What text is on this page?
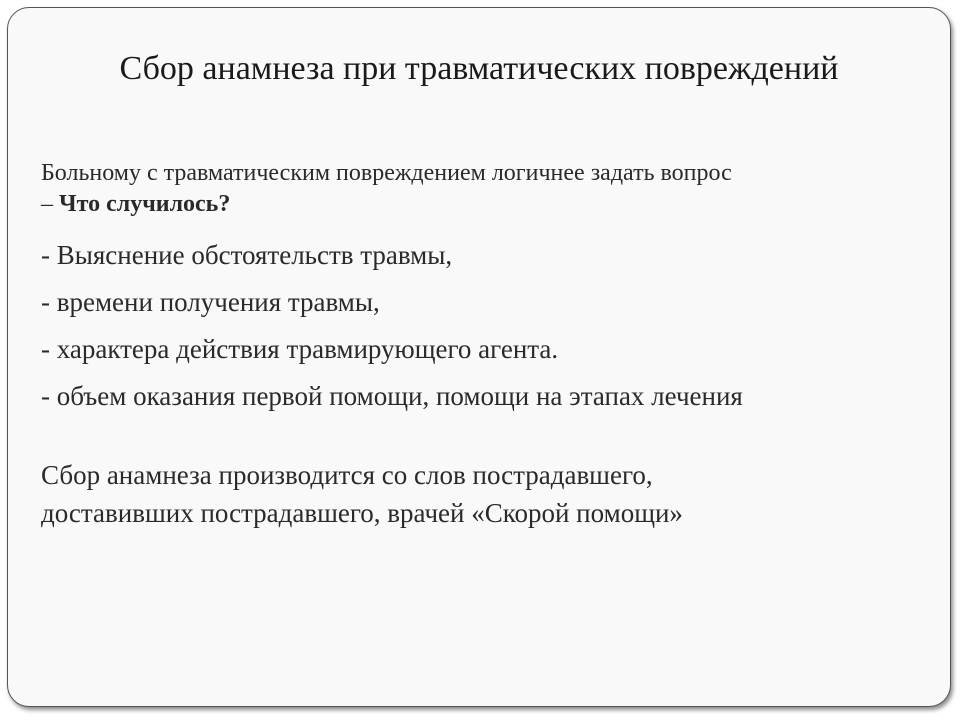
Сбор анамнеза при травматических повреждений

Больному с травматическим повреждением логичнее задать вопрос
– Что случилось?

- Выяснение обстоятельств травмы,
- времени получения травмы,
- характера действия травмирующего агента.
- объем оказания первой помощи, помощи на этапах лечения

Сбор анамнеза производится со слов пострадавшего,
доставивших пострадавшего, врачей «Скорой помощи»
